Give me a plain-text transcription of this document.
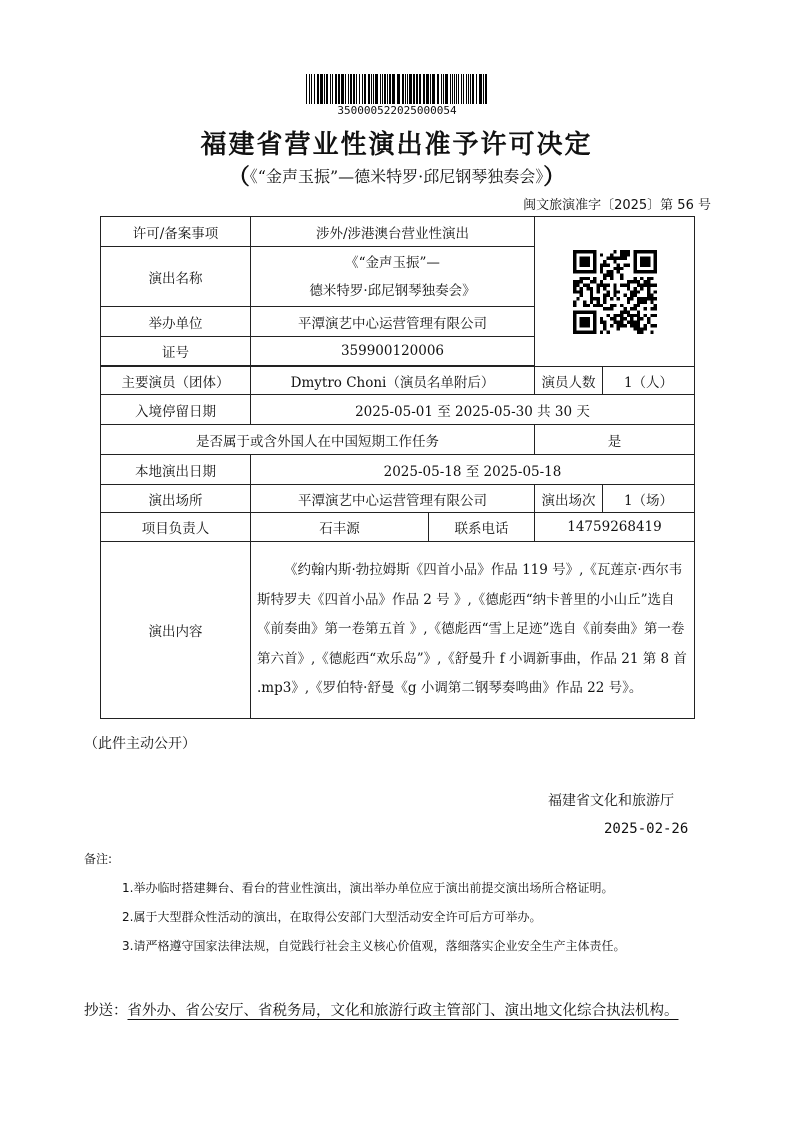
350000522025000054
福建省营业性演出准予许可决定
（《“金声玉振”—德米特罗·邱尼钢琴独奏会》）
闽文旅演准字〔2025〕第 56 号
许可/备案事项	涉外/涉港澳台营业性演出	

演出名称	《“金声玉振”—
德米特罗·邱尼钢琴独奏会》			

举办单位	平潭演艺中心运营管理有限公司			
证号	359900120006			

主要演员（团体）	Dmytro Choni（演员名单附后）		演员人数	1（人）
入境停留日期	2025-05-01 至 2025-05-30 共 30 天			
是否属于或含外国人在中国短期工作任务			是	
本地演出日期	2025-05-18 至 2025-05-18			
演出场所	平潭演艺中心运营管理有限公司		演出场次	1（场）
项目负责人	石丰源	联系电话	14759268419	
演出内容	《约翰内斯·勃拉姆斯《四首小品》作品 119 号》,《瓦莲京·西尔韦斯特罗夫《四首小品》作品 2 号 》,《德彪西“纳卡普里的小山丘”选自《前奏曲》第一卷第五首 》,《德彪西“雪上足迹”选自《前奏曲》第一卷第六首》,《德彪西“欢乐岛”》,《舒曼升 f 小调新事曲，作品 21 第 8 首 .mp3》,《罗伯特·舒曼《g 小调第二钢琴奏鸣曲》作品 22 号》。			
（此件主动公开）
福建省文化和旅游厅
2025-02-26
备注:
1.举办临时搭建舞台、看台的营业性演出，演出举办单位应于演出前提交演出场所合格证明。
2.属于大型群众性活动的演出，在取得公安部门大型活动安全许可后方可举办。
3.请严格遵守国家法律法规，自觉践行社会主义核心价值观，落细落实企业安全生产主体责任。
抄送：省外办、省公安厅、省税务局，文化和旅游行政主管部门、演出地文化综合执法机构。
